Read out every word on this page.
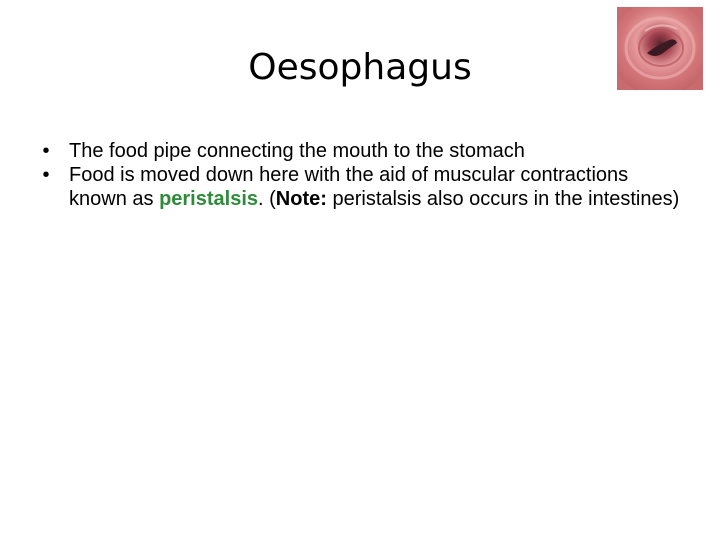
Oesophagus
• The food pipe connecting the mouth to the stomach
• Food is moved down here with the aid of muscular contractions known as peristalsis. (Note: peristalsis also occurs in the intestines)
